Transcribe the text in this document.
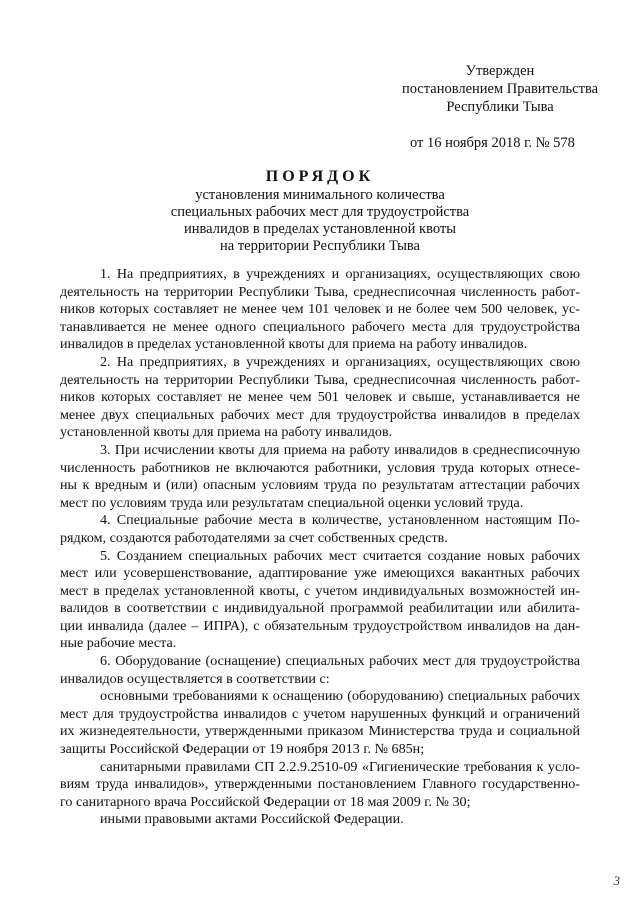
Утвержден
постановлением Правительства
Республики Тыва
от 16 ноября 2018 г. № 578
ПОРЯДОК
установления минимального количества
специальных рабочих мест для трудоустройства
инвалидов в пределах установленной квоты
на территории Республики Тыва
1. На предприятиях, в учреждениях и организациях, осуществляющих свою
деятельность на территории Республики Тыва, среднесписочная численность работ-
ников которых составляет не менее чем 101 человек и не более чем 500 человек, ус-
танавливается не менее одного специального рабочего места для трудоустройства
инвалидов в пределах установленной квоты для приема на работу инвалидов.
2. На предприятиях, в учреждениях и организациях, осуществляющих свою
деятельность на территории Республики Тыва, среднесписочная численность работ-
ников которых составляет не менее чем 501 человек и свыше, устанавливается не
менее двух специальных рабочих мест для трудоустройства инвалидов в пределах
установленной квоты для приема на работу инвалидов.
3. При исчислении квоты для приема на работу инвалидов в среднесписочную
численность работников не включаются работники, условия труда которых отнесе-
ны к вредным и (или) опасным условиям труда по результатам аттестации рабочих
мест по условиям труда или результатам специальной оценки условий труда.
4. Специальные рабочие места в количестве, установленном настоящим По-
рядком, создаются работодателями за счет собственных средств.
5. Созданием специальных рабочих мест считается создание новых рабочих
мест или усовершенствование, адаптирование уже имеющихся вакантных рабочих
мест в пределах установленной квоты, с учетом индивидуальных возможностей ин-
валидов в соответствии с индивидуальной программой реабилитации или абилита-
ции инвалида (далее – ИПРА), с обязательным трудоустройством инвалидов на дан-
ные рабочие места.
6. Оборудование (оснащение) специальных рабочих мест для трудоустройства
инвалидов осуществляется в соответствии с:
основными требованиями к оснащению (оборудованию) специальных рабочих
мест для трудоустройства инвалидов с учетом нарушенных функций и ограничений
их жизнедеятельности, утвержденными приказом Министерства труда и социальной
защиты Российской Федерации от 19 ноября 2013 г. № 685н;
санитарными правилами СП 2.2.9.2510-09 «Гигиенические требования к усло-
виям труда инвалидов», утвержденными постановлением Главного государственно-
го санитарного врача Российской Федерации от 18 мая 2009 г. № 30;
иными правовыми актами Российской Федерации.
3
